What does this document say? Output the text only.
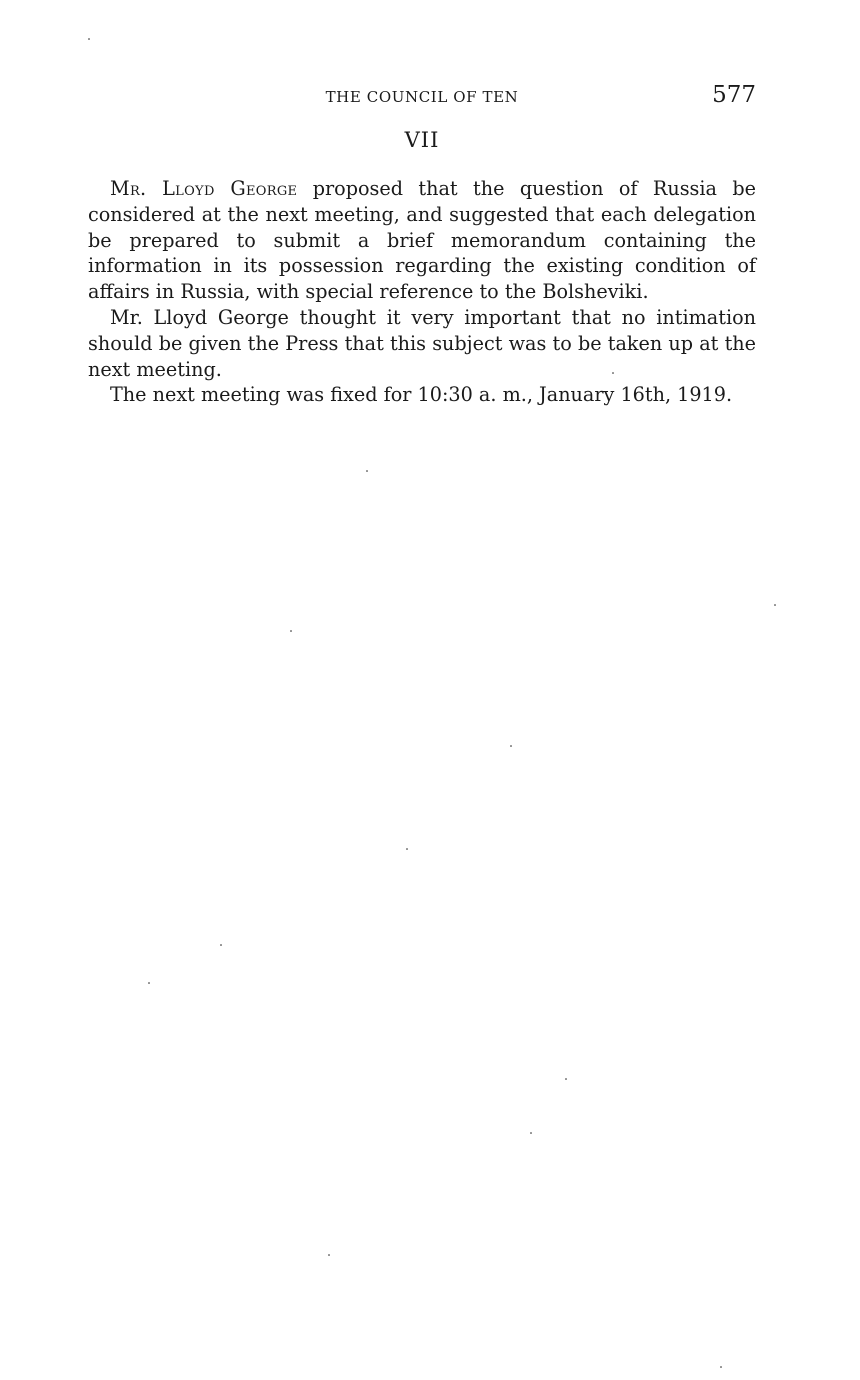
THE COUNCIL OF TEN	577
VII

Mr. Lloyd George proposed that the question of Russia be considered at the next meeting, and suggested that each delegation be prepared to submit a brief memorandum containing the information in its possession regarding the existing condition of affairs in Russia, with special reference to the Bolsheviki.

Mr. Lloyd George thought it very important that no intimation should be given the Press that this subject was to be taken up at the next meeting.

The next meeting was fixed for 10:30 a. m., January 16th, 1919.
